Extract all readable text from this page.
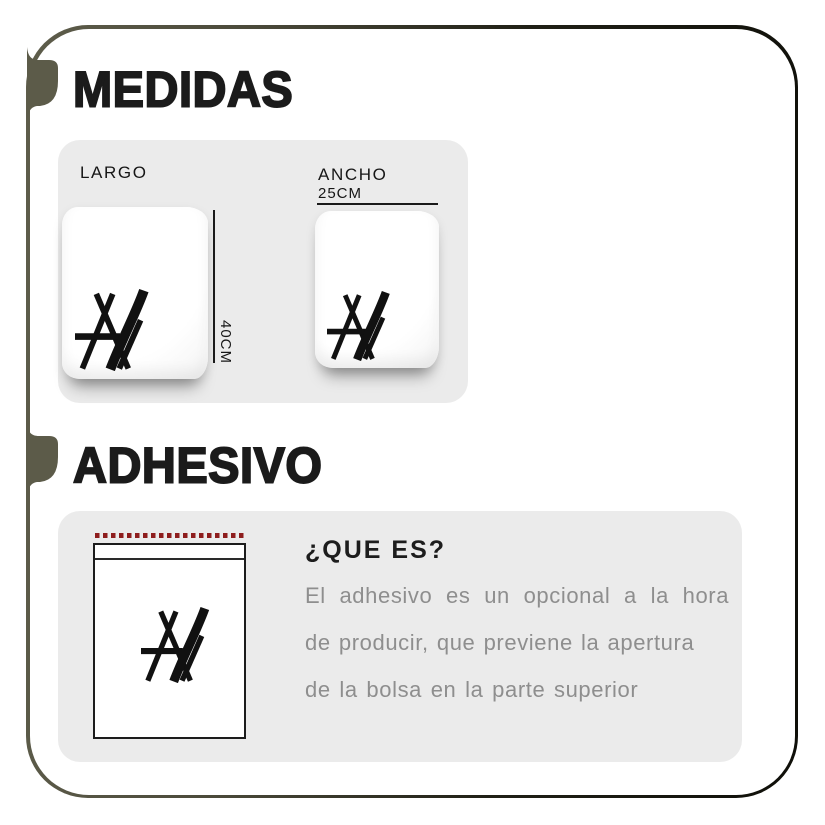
MEDIDAS
LARGO	ANCHO
25CM
40CM
ADHESIVO
¿QUE ES?

El adhesivo es un opcional a la hora

de producir, que previene la apertura

de la bolsa en la parte superior
